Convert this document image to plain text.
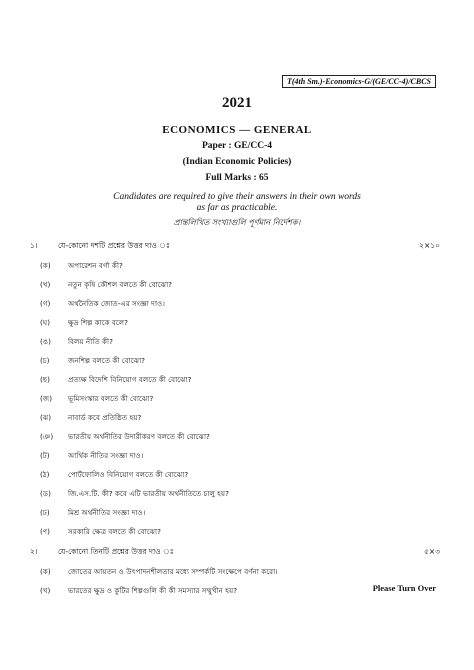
T(4th Sm.)-Economics-G/(GE/CC-4)/CBCS
2021
ECONOMICS — GENERAL
Paper : GE/CC-4
(Indian Economic Policies)
Full Marks : 65
Candidates are required to give their answers in their own words
as far as practicable.
প্রান্তলিখিত সংখ্যাগুলি পূর্ণমান নির্দেশক।
১।	যে-কোনো দশটি প্রশ্নের উত্তর দাও ঃ	২×১০
(ক) অপারেশন বর্গা কী?
(খ) নতুন কৃষি কৌশল বলতে কী বোঝো?
(গ) অর্থনৈতিক জোত-এর সংজ্ঞা দাও।
(ঘ) ক্ষুদ্র শিল্প কাকে বলে?
(ঙ) বিলয় নীতি কী?
(চ)	জনশিল্প বলতে কী বোঝো?
(ছ)	প্রত্যক্ষ বিদেশি বিনিয়োগ বলতে কী বোঝো?
(জ) ভূমিসংস্কার বলতে কী বোঝো?
(ঝ) নাবার্ড কবে প্রতিষ্ঠিত হয়?
(ঞ) ভারতীয় অর্থনীতির উদারীকরণ বলতে কী বোঝো?
(ট)	আর্থিক নীতির সংজ্ঞা দাও।
(ঠ)	পোর্টফোলিও বিনিয়োগ বলতে কী বোঝো?
(ড) জি.এস.টি. কী? কবে এটি ভারতীয় অর্থনীতিতে চালু হয়?
(ঢ)	মিশ্র অর্থনীতির সংজ্ঞা দাও।
(ণ)	সরকারি ক্ষেত্র বলতে কী বোঝো?
২।	যে-কোনো তিনটি প্রশ্নের উত্তর দাও ঃ	৫×৩
(ক) জোতের আয়তন ও উৎপাদনশীলতার মধ্যে সম্পর্কটি সংক্ষেপে বর্ণনা করো।
(খ) ভারতের ক্ষুদ্র ও কুটির শিল্পগুলি কী কী সমস্যার সম্মুখীন হয়?	Please Turn Over
